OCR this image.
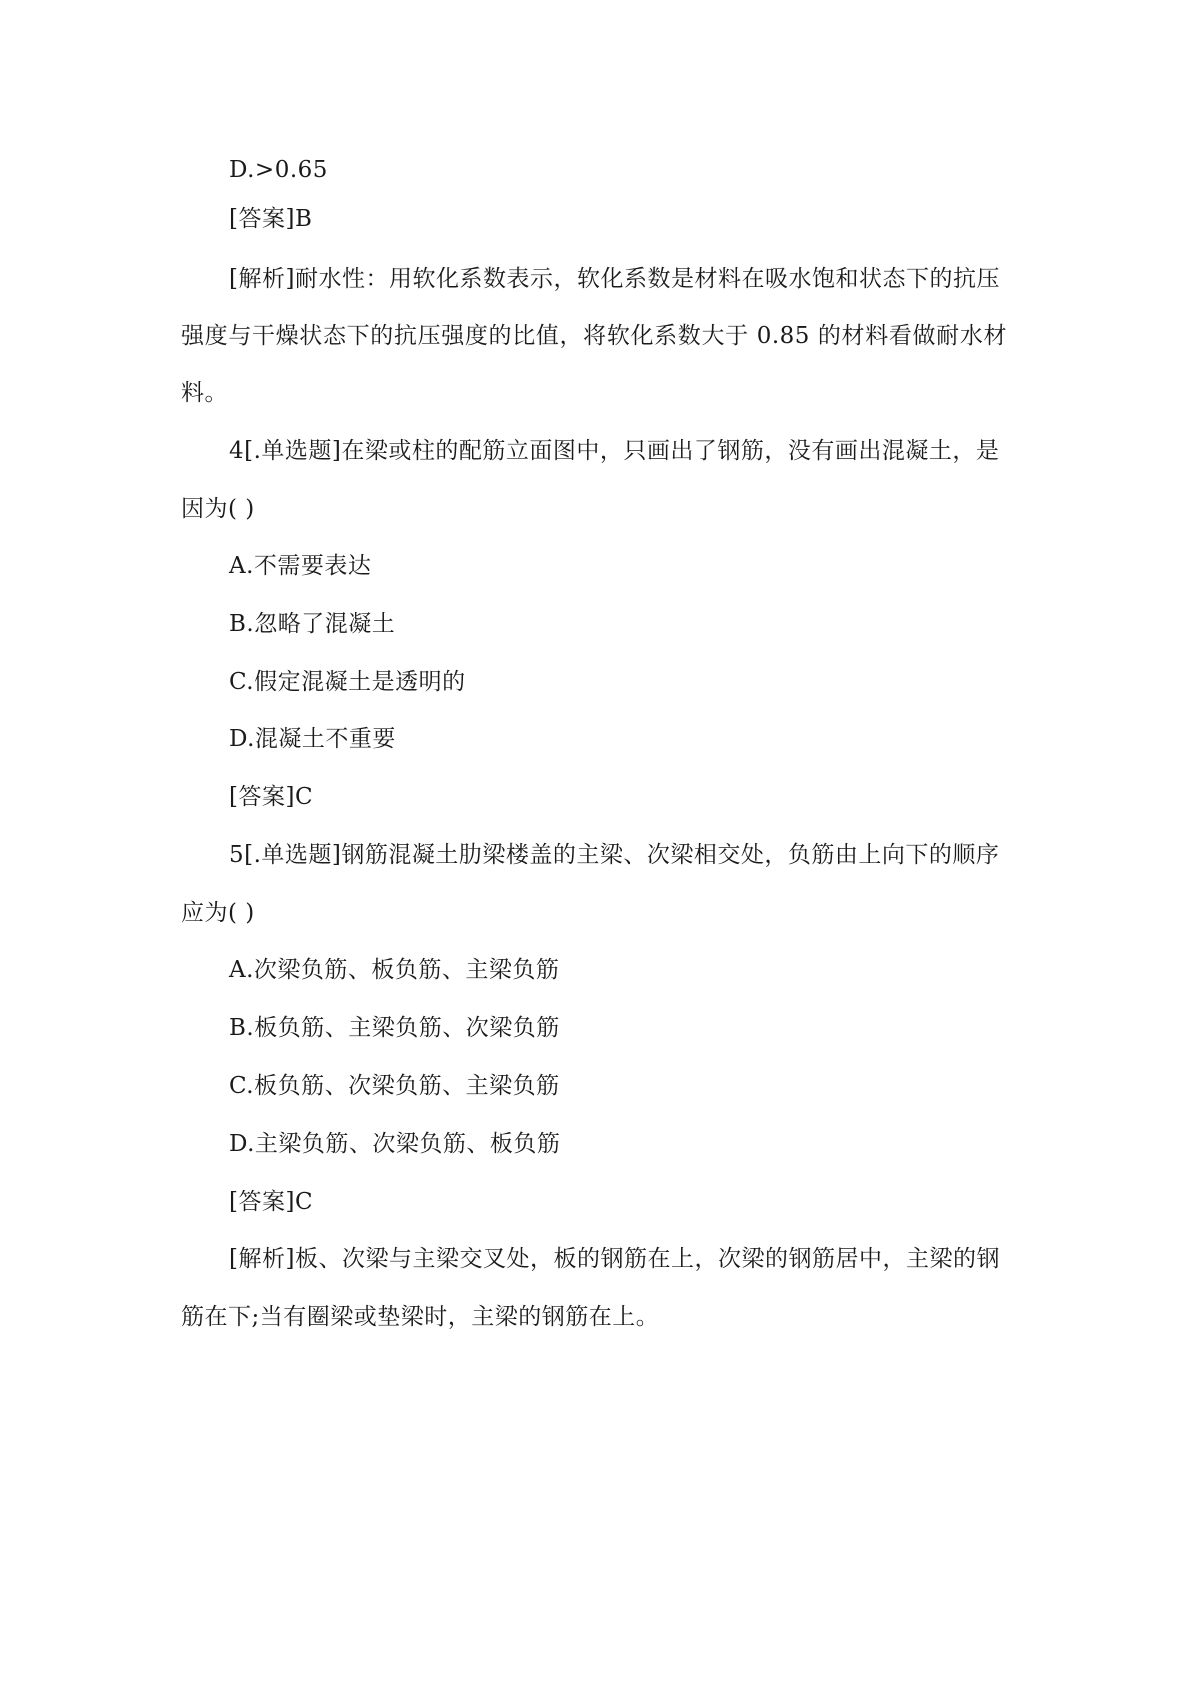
D.>0.65
[答案]B
[解析]耐水性：用软化系数表示，软化系数是材料在吸水饱和状态下的抗压
强度与干燥状态下的抗压强度的比值，将软化系数大于 0.85 的材料看做耐水材
料。
4[.单选题]在梁或柱的配筋立面图中，只画出了钢筋，没有画出混凝土，是
因为( )
A.不需要表达
B.忽略了混凝土
C.假定混凝土是透明的
D.混凝土不重要
[答案]C
5[.单选题]钢筋混凝土肋梁楼盖的主梁、次梁相交处，负筋由上向下的顺序
应为( )
A.次梁负筋、板负筋、主梁负筋
B.板负筋、主梁负筋、次梁负筋
C.板负筋、次梁负筋、主梁负筋
D.主梁负筋、次梁负筋、板负筋
[答案]C
[解析]板、次梁与主梁交叉处，板的钢筋在上，次梁的钢筋居中，主梁的钢
筋在下;当有圈梁或垫梁时，主梁的钢筋在上。
